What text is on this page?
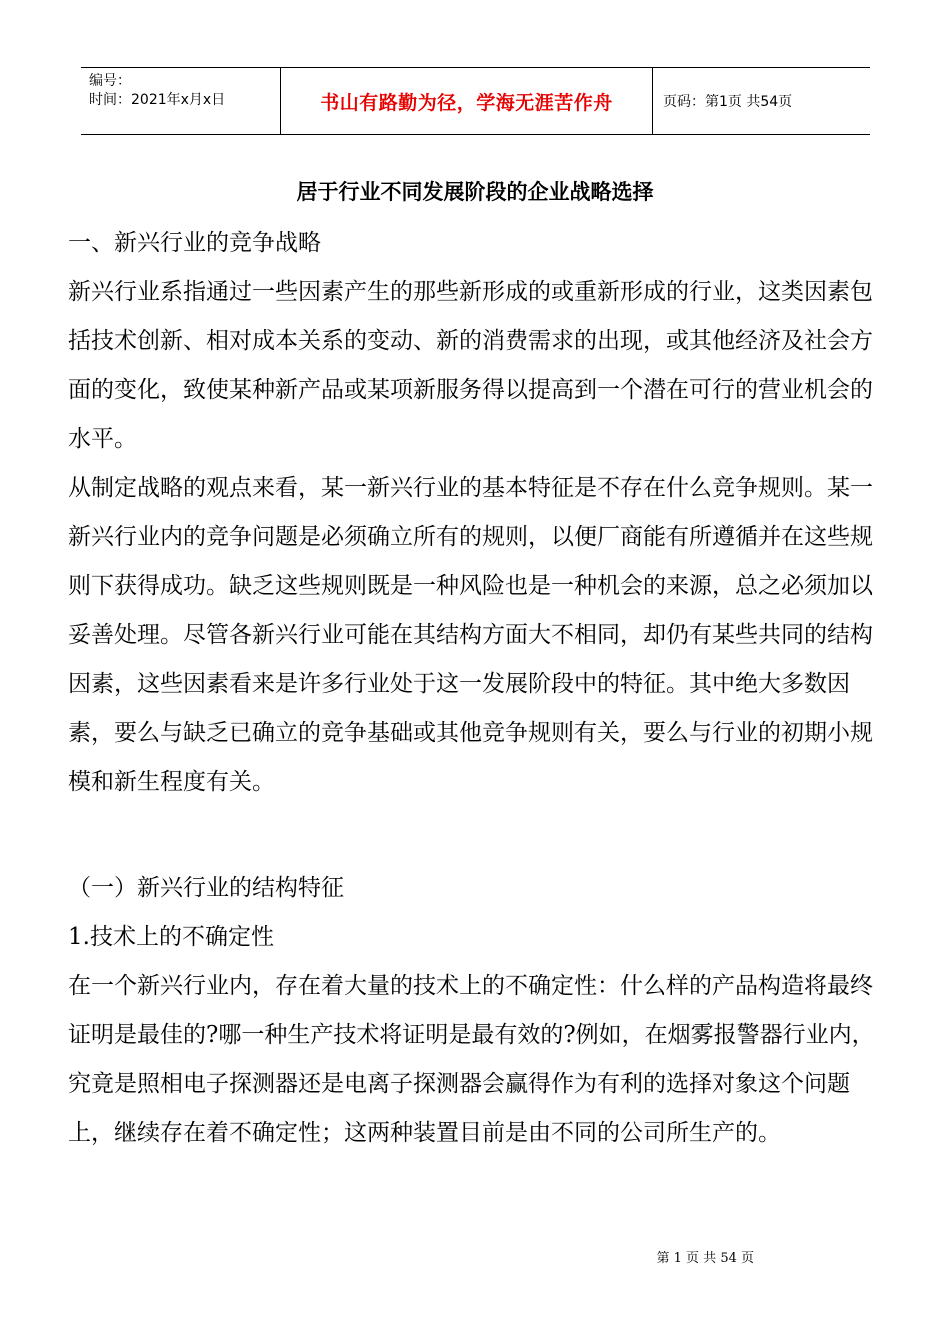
编号：
时间：2021年x月x日	书山有路勤为径，学海无涯苦作舟	页码：第1页 共54页
居于行业不同发展阶段的企业战略选择

一、新兴行业的竞争战略

新兴行业系指通过一些因素产生的那些新形成的或重新形成的行业，这类因素包括技术创新、相对成本关系的变动、新的消费需求的出现，或其他经济及社会方面的变化，致使某种新产品或某项新服务得以提高到一个潜在可行的营业机会的水平。

从制定战略的观点来看，某一新兴行业的基本特征是不存在什么竞争规则。某一新兴行业内的竞争问题是必须确立所有的规则，以便厂商能有所遵循并在这些规则下获得成功。缺乏这些规则既是一种风险也是一种机会的来源，总之必须加以妥善处理。尽管各新兴行业可能在其结构方面大不相同，却仍有某些共同的结构因素，这些因素看来是许多行业处于这一发展阶段中的特征。其中绝大多数因素，要么与缺乏已确立的竞争基础或其他竞争规则有关，要么与行业的初期小规模和新生程度有关。

（一）新兴行业的结构特征

1.技术上的不确定性

在一个新兴行业内，存在着大量的技术上的不确定性：什么样的产品构造将最终证明是最佳的?哪一种生产技术将证明是最有效的?例如，在烟雾报警器行业内，究竟是照相电子探测器还是电离子探测器会赢得作为有利的选择对象这个问题上，继续存在着不确定性；这两种装置目前是由不同的公司所生产的。

第 1 页 共 54 页
